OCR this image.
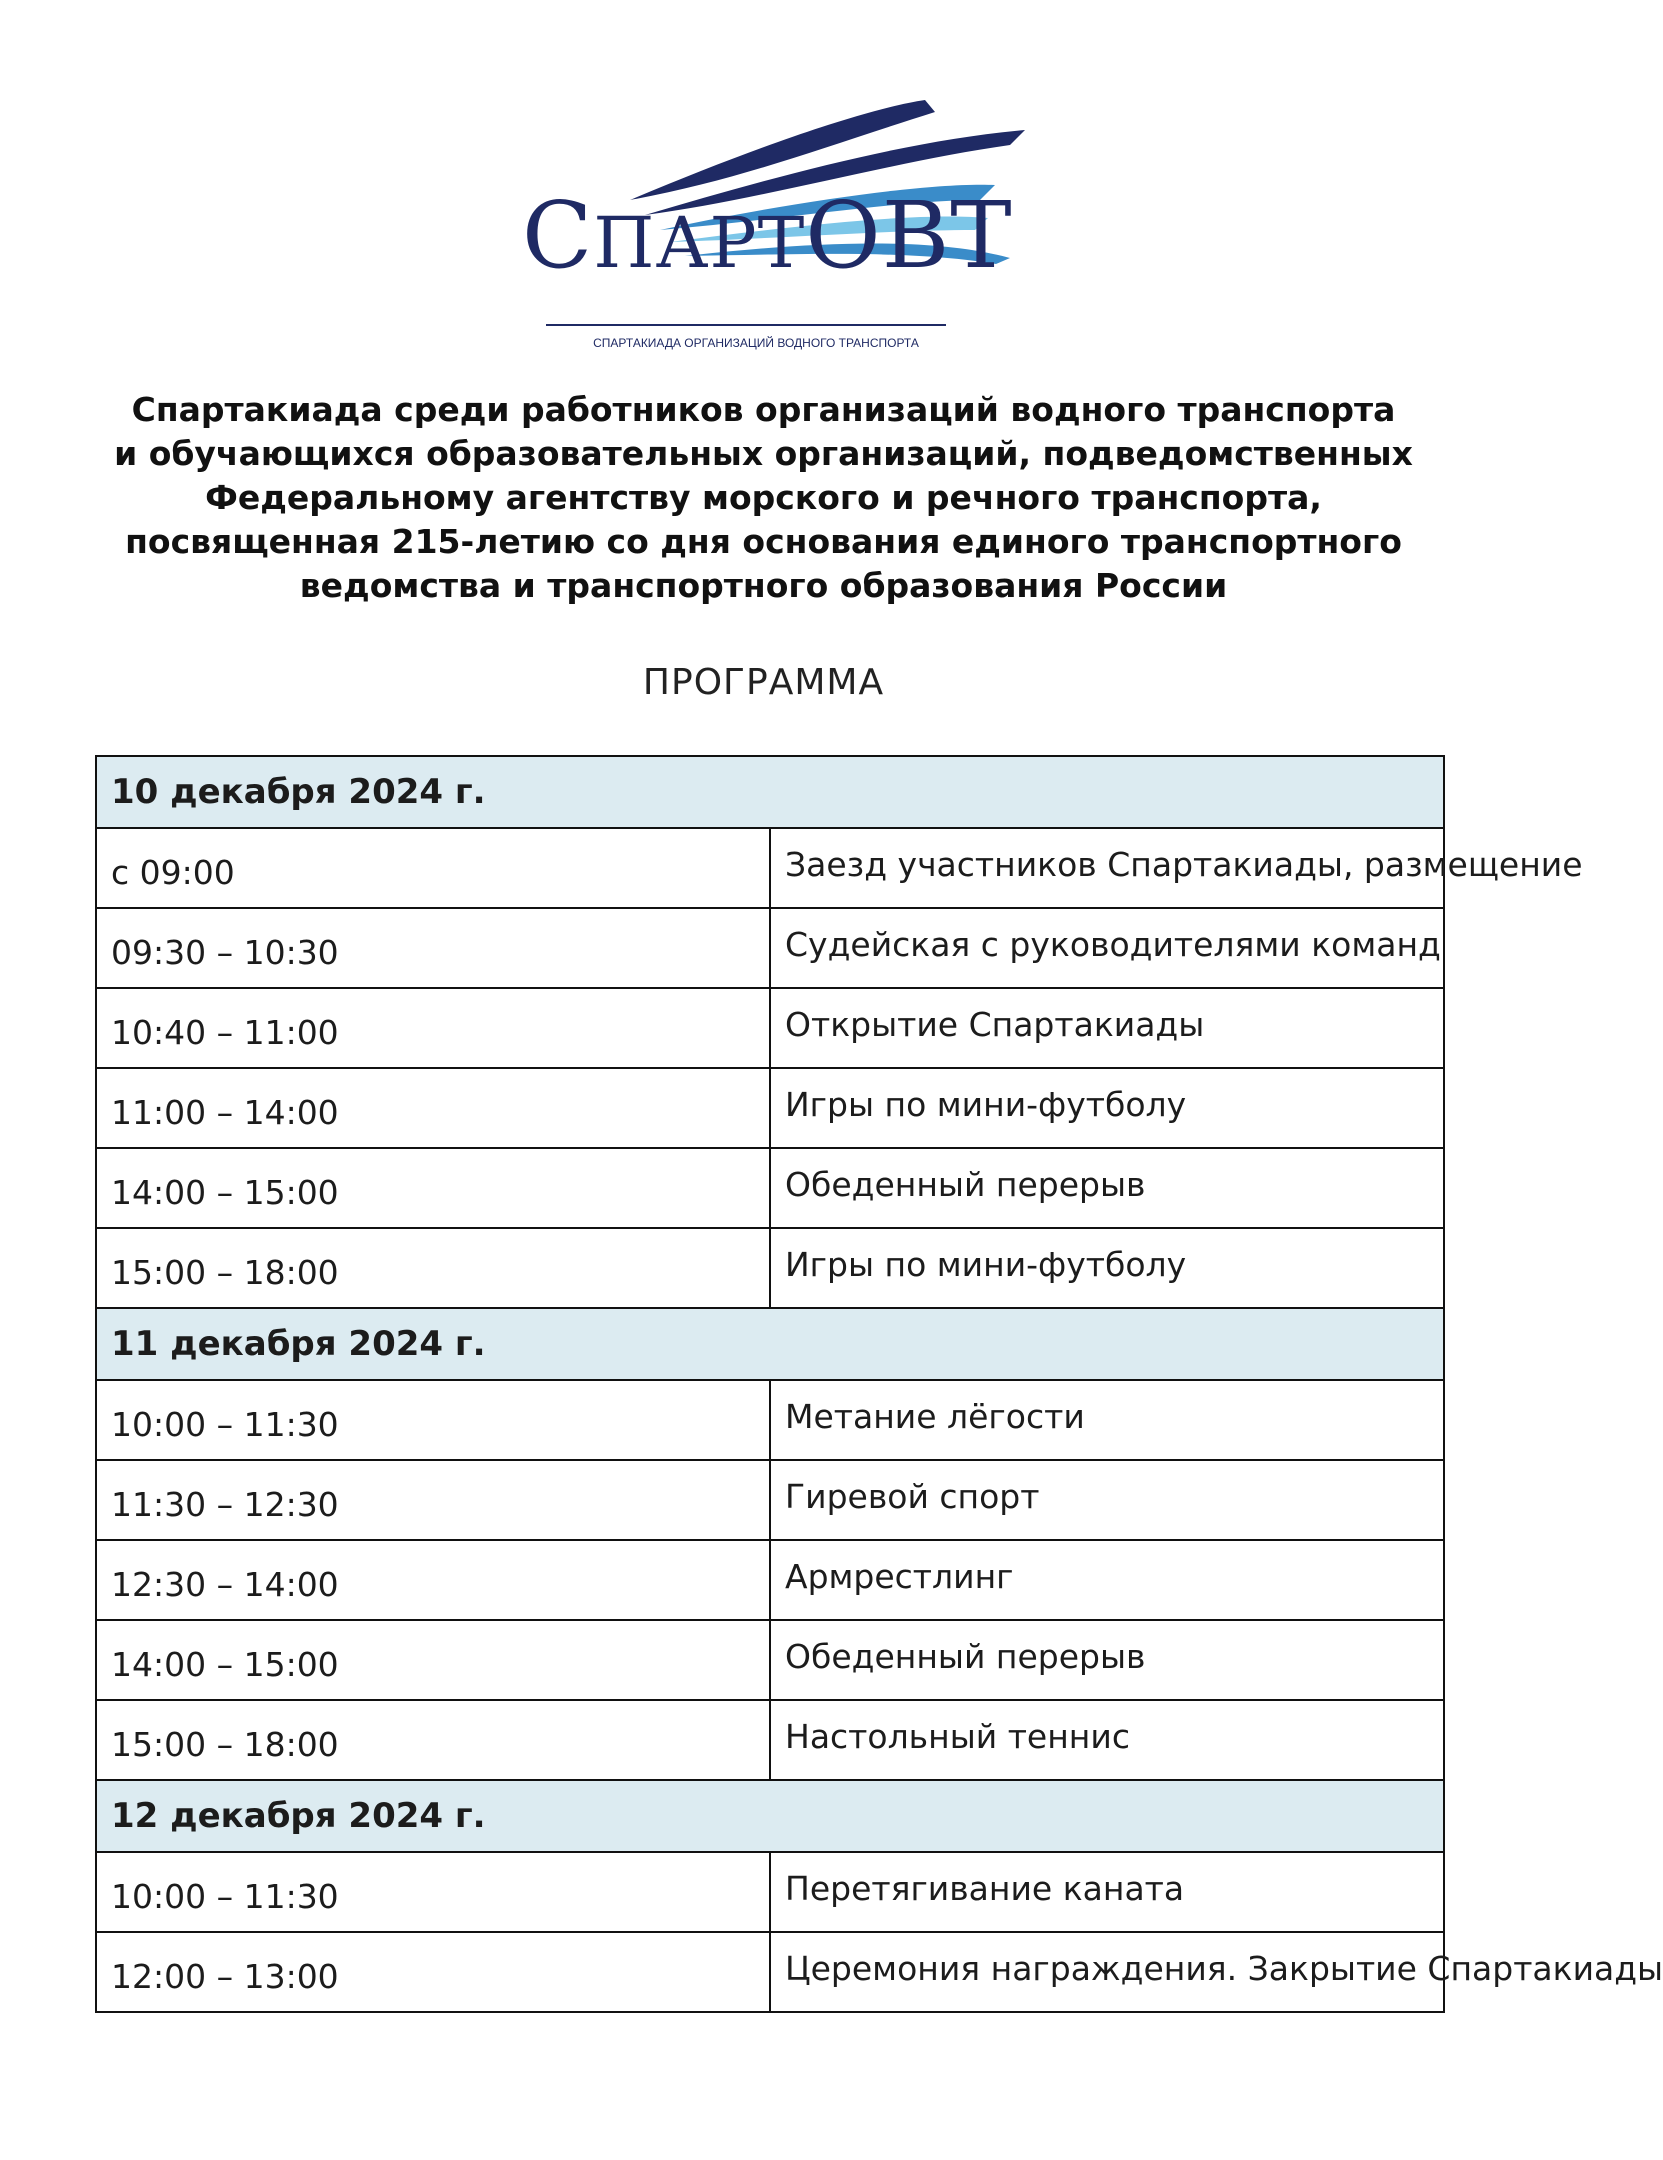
СПАРТОВТ
СПАРТАКИАДА ОРГАНИЗАЦИЙ ВОДНОГО ТРАНСПОРТА
Спартакиада среди работников организаций водного транспорта
и обучающихся образовательных организаций, подведомственных
Федеральному агентству морского и речного транспорта,
посвященная 215-летию со дня основания единого транспортного
ведомства и транспортного образования России
ПРОГРАММА
10 декабря 2024 г.	
с 09:00	Заезд участников Спартакиады, размещение
09:30 – 10:30	Судейская с руководителями команд
10:40 – 11:00	Открытие Спартакиады
11:00 – 14:00	Игры по мини-футболу
14:00 – 15:00	Обеденный перерыв
15:00 – 18:00	Игры по мини-футболу
11 декабря 2024 г.	
10:00 – 11:30	Метание лёгости
11:30 – 12:30	Гиревой спорт
12:30 – 14:00	Армрестлинг
14:00 – 15:00	Обеденный перерыв
15:00 – 18:00	Настольный теннис
12 декабря 2024 г.	
10:00 – 11:30	Перетягивание каната
12:00 – 13:00	Церемония награждения. Закрытие Спартакиады
